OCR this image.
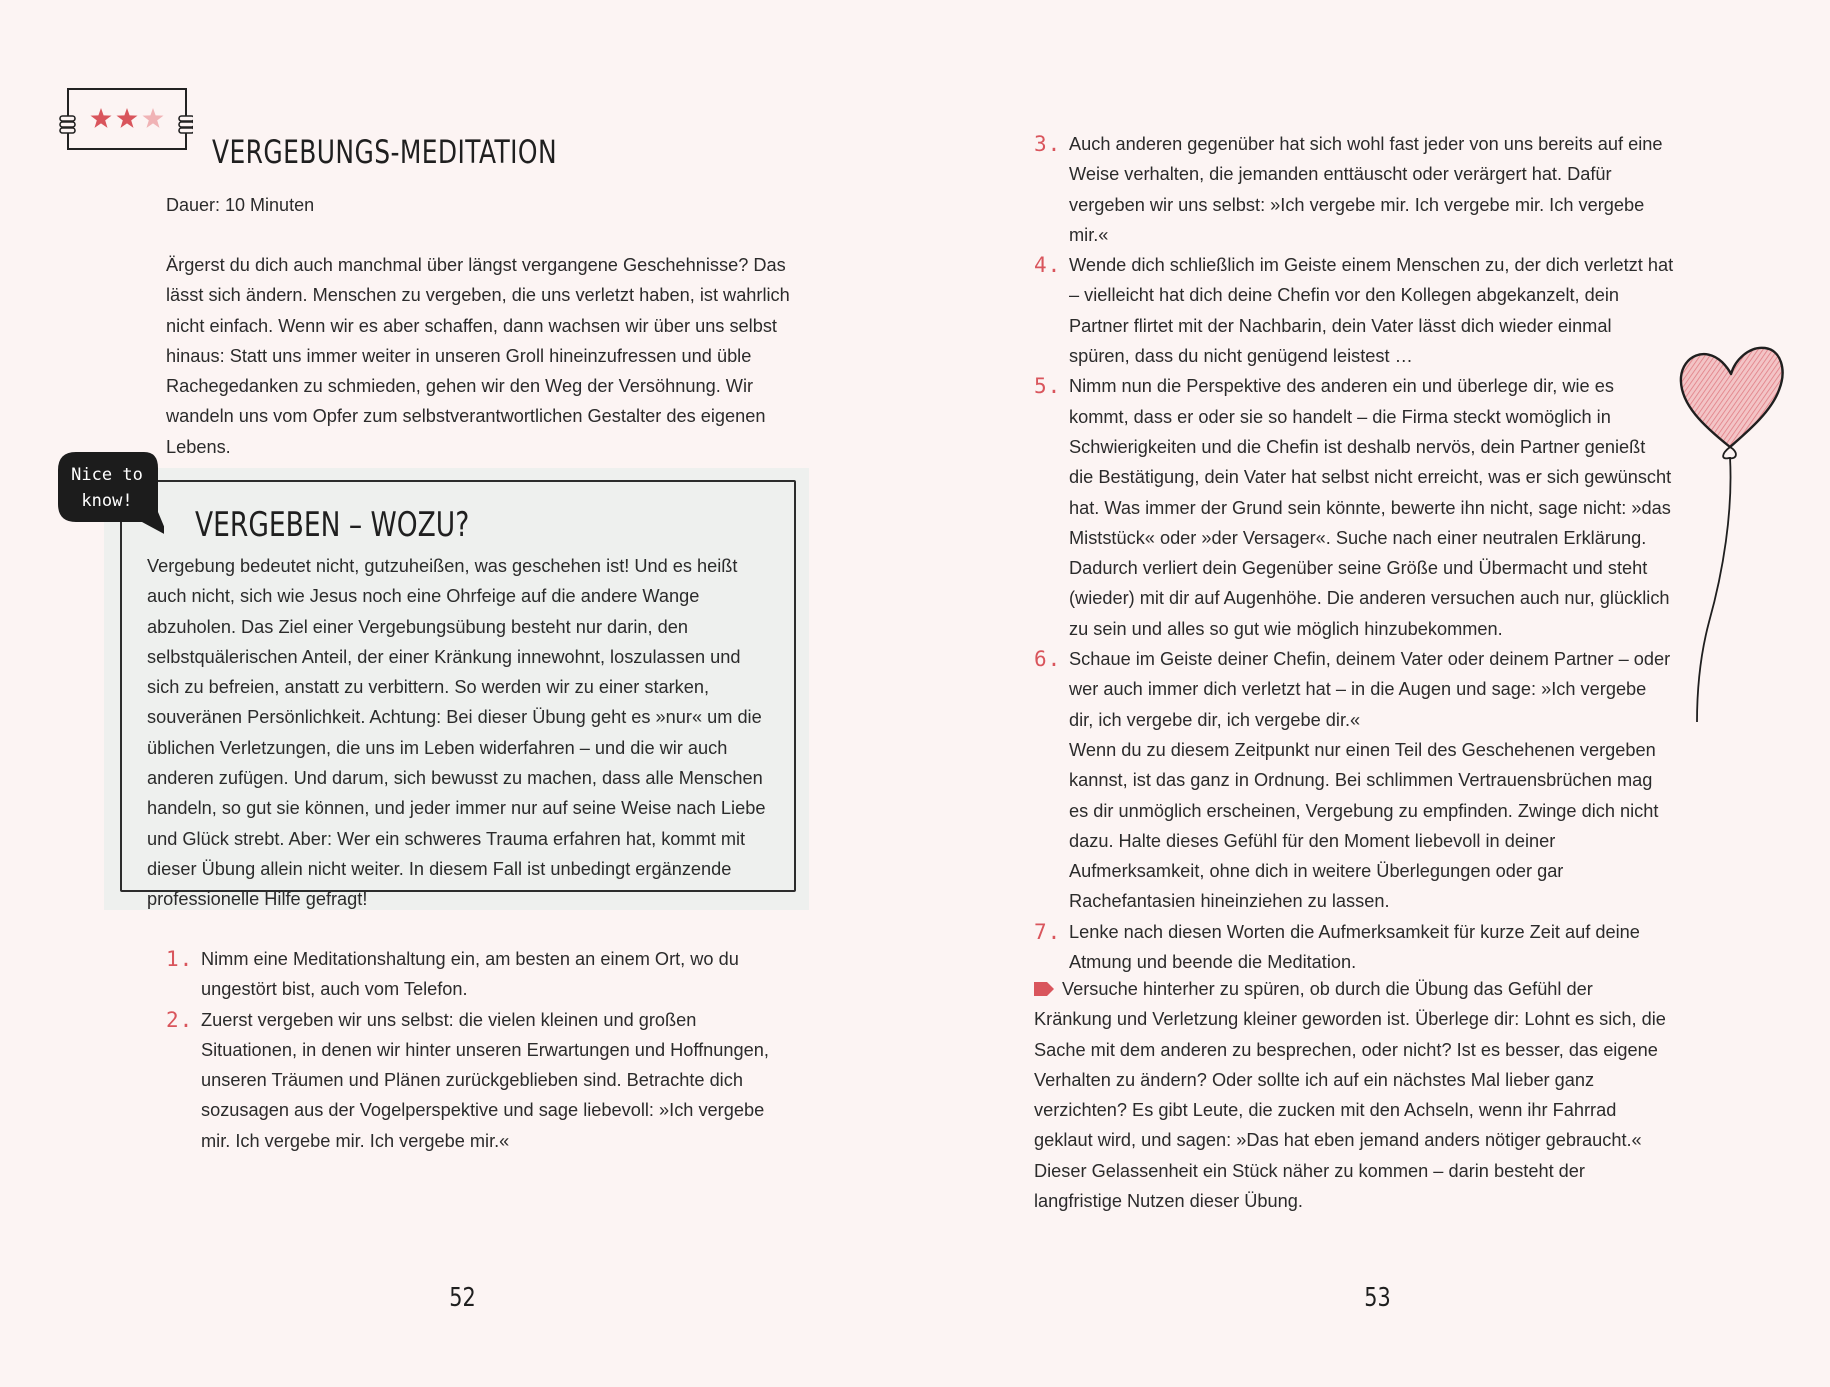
VERGEBUNGS-MEDITATION
Dauer: 10 Minuten

Ärgerst du dich auch manchmal über längst vergangene Geschehnisse? Das lässt sich ändern. Menschen zu vergeben, die uns verletzt haben, ist wahrlich nicht einfach. Wenn wir es aber schaffen, dann wachsen wir über uns selbst hinaus: Statt uns immer weiter in unseren Groll hineinzufressen und üble Rachegedanken zu schmieden, gehen wir den Weg der Versöhnung. Wir wandeln uns vom Opfer zum selbstverantwortlichen Gestalter des eigenen Lebens.

Nice to
know!
VERGEBEN – WOZU?

Vergebung bedeutet nicht, gutzuheißen, was geschehen ist! Und es heißt auch nicht, sich wie Jesus noch eine Ohrfeige auf die andere Wange abzuholen. Das Ziel einer Vergebungsübung besteht nur darin, den selbstquälerischen Anteil, der einer Kränkung innewohnt, loszulassen und sich zu befreien, anstatt zu verbittern. So werden wir zu einer starken, souveränen Persönlichkeit. Achtung: Bei dieser Übung geht es »nur« um die üblichen Verletzungen, die uns im Leben widerfahren – und die wir auch anderen zufügen. Und darum, sich bewusst zu machen, dass alle Menschen handeln, so gut sie können, und jeder immer nur auf seine Weise nach Liebe und Glück strebt. Aber: Wer ein schweres Trauma erfahren hat, kommt mit dieser Übung allein nicht weiter. In diesem Fall ist unbedingt ergänzende professionelle Hilfe gefragt!

1. Nimm eine Meditationshaltung ein, am besten an einem Ort, wo du ungestört bist, auch vom Telefon.
2. Zuerst vergeben wir uns selbst: die vielen kleinen und großen Situationen, in denen wir hinter unseren Erwartungen und Hoffnungen, unseren Träumen und Plänen zurückgeblieben sind. Betrachte dich sozusagen aus der Vogelperspektive und sage liebevoll: »Ich vergebe mir. Ich vergebe mir. Ich vergebe mir.«
52	53
3. Auch anderen gegenüber hat sich wohl fast jeder von uns bereits auf eine Weise verhalten, die jemanden enttäuscht oder verärgert hat. Dafür vergeben wir uns selbst: »Ich vergebe mir. Ich vergebe mir. Ich vergebe mir.«
4. Wende dich schließlich im Geiste einem Menschen zu, der dich verletzt hat – vielleicht hat dich deine Chefin vor den Kollegen abgekanzelt, dein Partner flirtet mit der Nachbarin, dein Vater lässt dich wieder einmal spüren, dass du nicht genügend leistest …
5. Nimm nun die Perspektive des anderen ein und überlege dir, wie es kommt, dass er oder sie so handelt – die Firma steckt womöglich in Schwierigkeiten und die Chefin ist deshalb nervös, dein Partner genießt die Bestätigung, dein Vater hat selbst nicht erreicht, was er sich gewünscht hat. Was immer der Grund sein könnte, bewerte ihn nicht, sage nicht: »das Miststück« oder »der Versager«. Suche nach einer neutralen Erklärung. Dadurch verliert dein Gegenüber seine Größe und Übermacht und steht (wieder) mit dir auf Augenhöhe. Die anderen versuchen auch nur, glücklich zu sein und alles so gut wie möglich hinzubekommen.
6. Schaue im Geiste deiner Chefin, deinem Vater oder deinem Partner – oder wer auch immer dich verletzt hat – in die Augen und sage: »Ich vergebe dir, ich vergebe dir, ich vergebe dir.«
Wenn du zu diesem Zeitpunkt nur einen Teil des Geschehenen vergeben kannst, ist das ganz in Ordnung. Bei schlimmen Vertrauensbrüchen mag es dir unmöglich erscheinen, Vergebung zu empfinden. Zwinge dich nicht dazu. Halte dieses Gefühl für den Moment liebevoll in deiner Aufmerksamkeit, ohne dich in weitere Überlegungen oder gar Rachefantasien hineinziehen zu lassen.
7. Lenke nach diesen Worten die Aufmerksamkeit für kurze Zeit auf deine Atmung und beende die Meditation.

Versuche hinterher zu spüren, ob durch die Übung das Gefühl der Kränkung und Verletzung kleiner geworden ist. Überlege dir: Lohnt es sich, die Sache mit dem anderen zu besprechen, oder nicht? Ist es besser, das eigene Verhalten zu ändern? Oder sollte ich auf ein nächstes Mal lieber ganz verzichten? Es gibt Leute, die zucken mit den Achseln, wenn ihr Fahrrad geklaut wird, und sagen: »Das hat eben jemand anders nötiger gebraucht.« Dieser Gelassenheit ein Stück näher zu kommen – darin besteht der langfristige Nutzen dieser Übung.
